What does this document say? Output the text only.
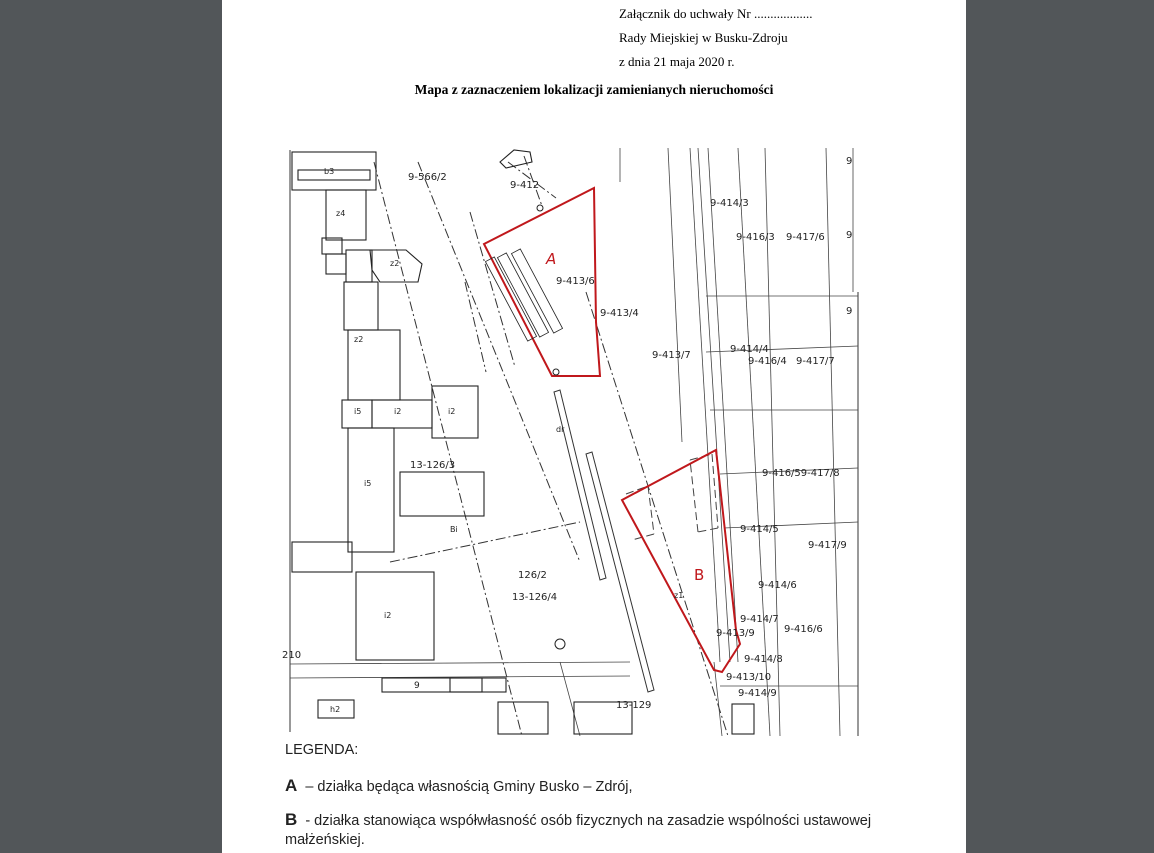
Załącznik do uchwały Nr ..................
Rady Miejskiej w Busku-Zdroju
z dnia 21 maja 2020 r.
Mapa z zaznaczeniem lokalizacji zamienianych nieruchomości
A
B
9-566/2
9-412
9-414/3
9-416/3 9-417/6
9-413/6
9-413/4
9-413/7
9-414/4
9-416/4 9-417/7
9-416/59-417/8
9-414/5
9-417/9
9-414/6
9-414/7
9-416/6
9-413/9
9-414/8
9-413/10
9-414/9
13-126/3
126/2
13-126/4
13-129
210
b3
z4
z2
z2
i5	i2	i2
i5
i2
Bi
h2
dr
z1
9
9
9
9
LEGENDA:
A – działka będąca własnością Gminy Busko – Zdrój,
B - działka stanowiąca współwłasność osób fizycznych na zasadzie wspólności ustawowej
małżeńskiej.
